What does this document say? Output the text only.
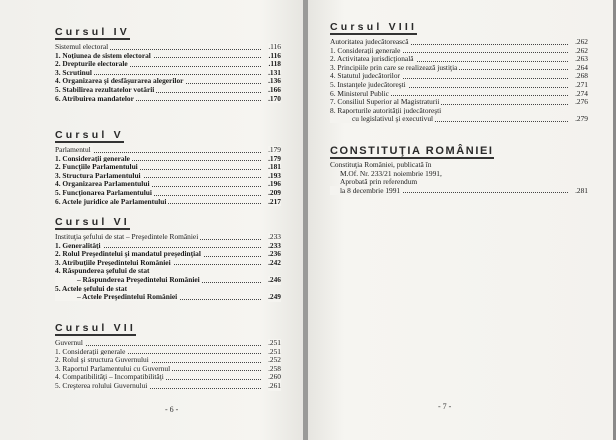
Cursul IV
Sistemul electoral	.116
1. Noţiunea de sistem electoral	.116
2. Drepturile electorale	.118
3. Scrutinul	.131
4. Organizarea şi desfăşurarea alegerilor	.136
5. Stabilirea rezultatelor votării	.166
6. Atribuirea mandatelor	.170
Cursul V
Parlamentul	.179
1. Consideraţii generale	.179
2. Funcţiile Parlamentului	.181
3. Structura Parlamentului	.193
4. Organizarea Parlamentului	.196
5. Funcţionarea Parlamentului	.209
6. Actele juridice ale Parlamentului	.217
Cursul VI
Instituţia şefului de stat – Preşedintele României	.233
1. Generalităţi	.233
2. Rolul Preşedintelui şi mandatul preşedinţial	.236
3. Atribuţiile Preşedintelui României	.242
4. Răspunderea şefului de stat
– Răspunderea Preşedintelui României	.246
5. Actele şefului de stat
– Actele Preşedintelui României	.249
Cursul VII
Guvernul	.251
1. Consideraţii generale	.251
2. Rolul şi structura Guvernului	.252
3. Raportul Parlamentului cu Guvernul	.258
4. Compatibilităţi – Incompatibilităţi	.260
5. Creşterea rolului Guvernului	.261
- 6 -
Cursul VIII
Autoritatea judecătorească	.262
1. Consideraţii generale	.262
2. Activitatea jurisdicţională	.263
3. Principiile prin care se realizează justiţia	.264
4. Statutul judecătorilor	.268
5. Instanţele judecătoreşti	.271
6. Ministerul Public	.274
7. Consiliul Superior al Magistraturii	.276
8. Raporturile autorităţii judecătoreşti
cu legislativul şi executivul	.279
CONSTITUŢIA ROMÂNIEI
Constituţia României, publicată în
M.Of. Nr. 233/21 noiembrie 1991,
Aprobată prin referendum
la 8 decembrie 1991	.281
- 7 -
